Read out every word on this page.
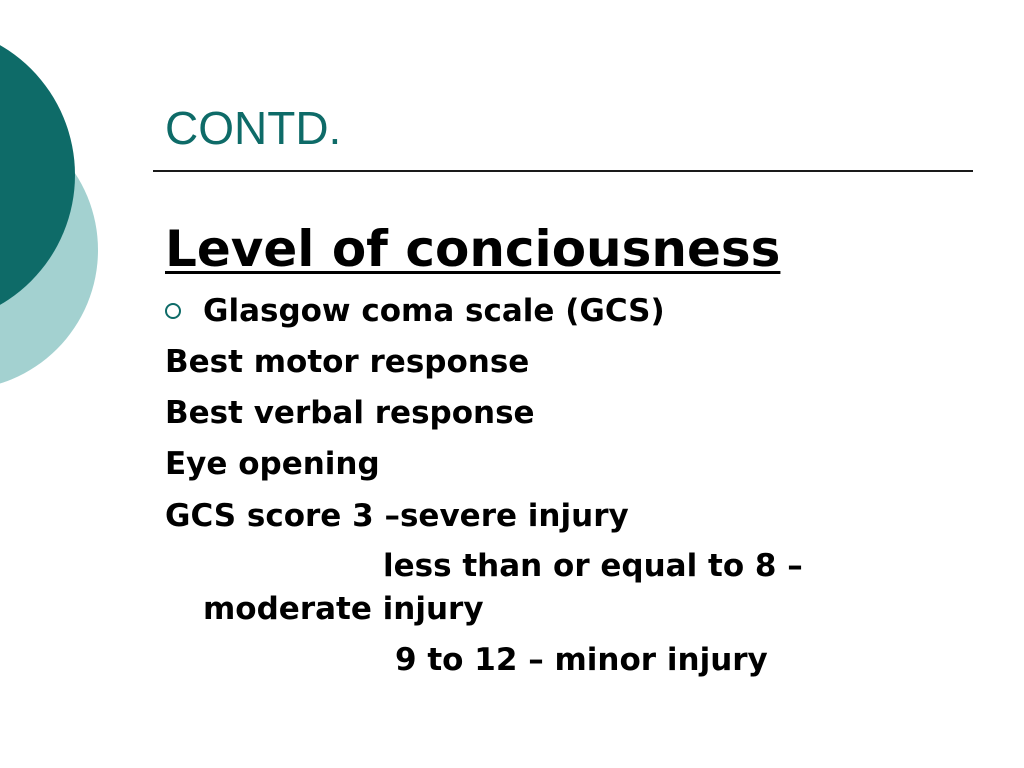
CONTD.
Level of conciousness

Glasgow coma scale (GCS)

Best motor response

Best verbal response

Eye opening

GCS score 3 –severe injury

less than or equal to 8 –

moderate injury

9 to 12 – minor injury
